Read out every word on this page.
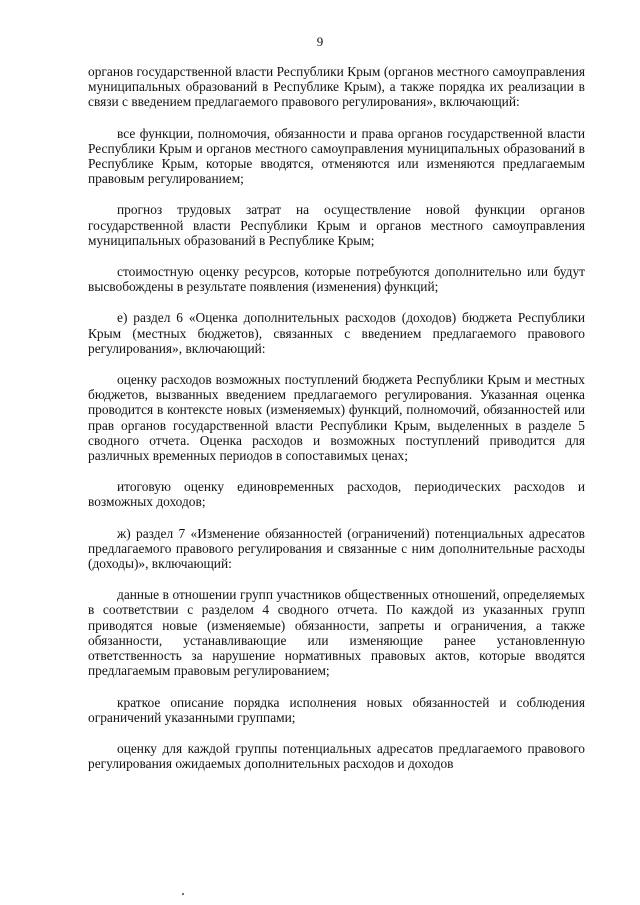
9

органов государственной власти Республики Крым (органов местного самоуправления муниципальных образований в Республике Крым), а также порядка их реализации в связи с введением предлагаемого правового регулирования», включающий:

все функции, полномочия, обязанности и права органов государственной власти Республики Крым и органов местного самоуправления муниципальных образований в Республике Крым, которые вводятся, отменяются или изменяются предлагаемым правовым регулированием;

прогноз трудовых затрат на осуществление новой функции органов государственной власти Республики Крым и органов местного самоуправления муниципальных образований в Республике Крым;

стоимостную оценку ресурсов, которые потребуются дополнительно или будут высвобождены в результате появления (изменения) функций;

е) раздел 6 «Оценка дополнительных расходов (доходов) бюджета Республики Крым (местных бюджетов), связанных с введением предлагаемого правового регулирования», включающий:

оценку расходов возможных поступлений бюджета Республики Крым и местных бюджетов, вызванных введением предлагаемого регулирования. Указанная оценка проводится в контексте новых (изменяемых) функций, полномочий, обязанностей или прав органов государственной власти Республики Крым, выделенных в разделе 5 сводного отчета. Оценка расходов и возможных поступлений приводится для различных временных периодов в сопоставимых ценах;

итоговую оценку единовременных расходов, периодических расходов и возможных доходов;

ж) раздел 7 «Изменение обязанностей (ограничений) потенциальных адресатов предлагаемого правового регулирования и связанные с ним дополнительные расходы (доходы)», включающий:

данные в отношении групп участников общественных отношений, определяемых в соответствии с разделом 4 сводного отчета. По каждой из указанных групп приводятся новые (изменяемые) обязанности, запреты и ограничения, а также обязанности, устанавливающие или изменяющие ранее установленную ответственность за нарушение нормативных правовых актов, которые вводятся предлагаемым правовым регулированием;

краткое описание порядка исполнения новых обязанностей и соблюдения ограничений указанными группами;

оценку для каждой группы потенциальных адресатов предлагаемого правового регулирования ожидаемых дополнительных расходов и доходов
